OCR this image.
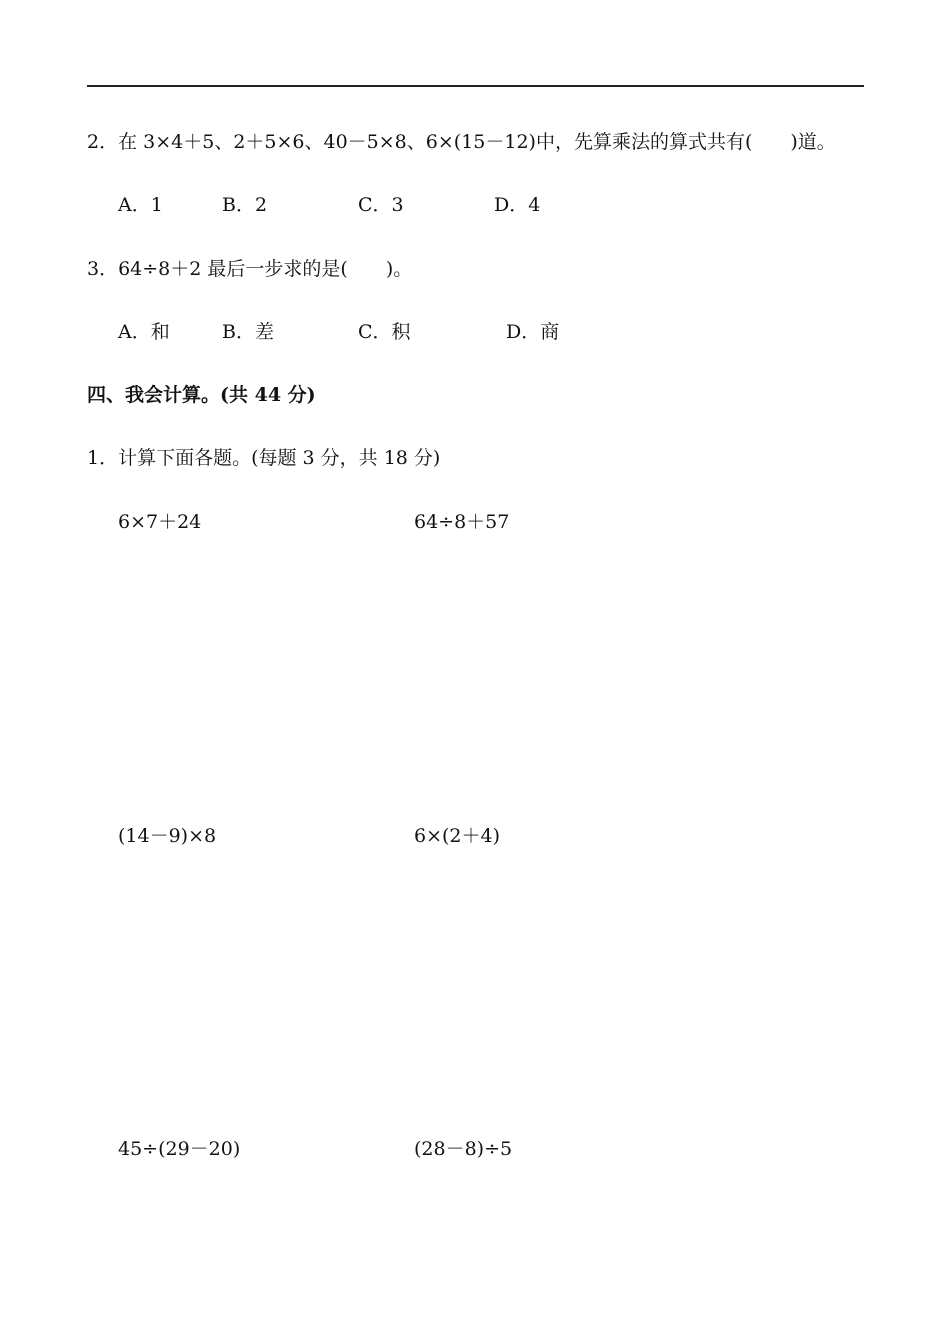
2．在 3×4＋5、2＋5×6、40－5×8、6×(15－12)中，先算乘法的算式共有(　　)道。
A．1	B．2	C．3	D．4
3．64÷8＋2 最后一步求的是(　　)。
A．和	B．差	C．积	D．商
四、我会计算。(共 44 分)
1．计算下面各题。(每题 3 分，共 18 分)
6×7＋24	64÷8＋57
(14－9)×8	6×(2＋4)
45÷(29－20)	(28－8)÷5
